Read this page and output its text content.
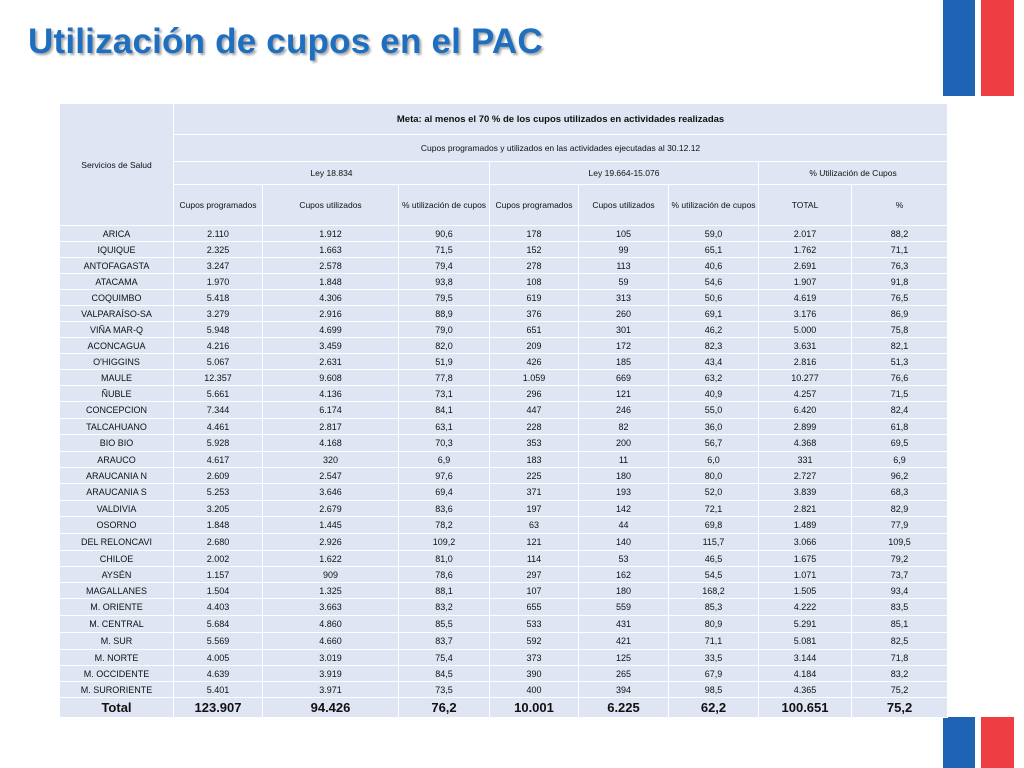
Utilización de cupos en el PAC
Servicios de Salud	Meta: al menos el 70 % de los cupos utilizados en actividades realizadas							
	Cupos programados y utilizados en las actividades ejecutadas al 30.12.12							
	Ley 18.834			Ley 19.664-15.076			% Utilización de Cupos	
	Cupos programados	Cupos utilizados	% utilización de cupos	Cupos programados	Cupos utilizados	% utilización de cupos	TOTAL	%
ARICA	2.110	1.912	90,6	178	105	59,0	2.017	88,2
IQUIQUE	2.325	1.663	71,5	152	99	65,1	1.762	71,1
ANTOFAGASTA	3.247	2.578	79,4	278	113	40,6	2.691	76,3
ATACAMA	1.970	1.848	93,8	108	59	54,6	1.907	91,8
COQUIMBO	5.418	4.306	79,5	619	313	50,6	4.619	76,5
VALPARAÍSO-SA	3.279	2.916	88,9	376	260	69,1	3.176	86,9
VIÑA MAR-Q	5.948	4.699	79,0	651	301	46,2	5.000	75,8
ACONCAGUA	4.216	3.459	82,0	209	172	82,3	3.631	82,1
O'HIGGINS	5.067	2.631	51,9	426	185	43,4	2.816	51,3
MAULE	12.357	9.608	77,8	1.059	669	63,2	10.277	76,6
ÑUBLE	5.661	4.136	73,1	296	121	40,9	4.257	71,5
CONCEPCION	7.344	6.174	84,1	447	246	55,0	6.420	82,4
TALCAHUANO	4.461	2.817	63,1	228	82	36,0	2.899	61,8
BIO BIO	5.928	4.168	70,3	353	200	56,7	4.368	69,5
ARAUCO	4.617	320	6,9	183	11	6,0	331	6,9
ARAUCANIA N	2.609	2.547	97,6	225	180	80,0	2.727	96,2
ARAUCANIA S	5.253	3.646	69,4	371	193	52,0	3.839	68,3
VALDIVIA	3.205	2.679	83,6	197	142	72,1	2.821	82,9
OSORNO	1.848	1.445	78,2	63	44	69,8	1.489	77,9
DEL RELONCAVI	2.680	2.926	109,2	121	140	115,7	3.066	109,5
CHILOE	2.002	1.622	81,0	114	53	46,5	1.675	79,2
AYSÉN	1.157	909	78,6	297	162	54,5	1.071	73,7
MAGALLANES	1.504	1.325	88,1	107	180	168,2	1.505	93,4
M. ORIENTE	4.403	3.663	83,2	655	559	85,3	4.222	83,5
M. CENTRAL	5.684	4.860	85,5	533	431	80,9	5.291	85,1
M. SUR	5.569	4.660	83,7	592	421	71,1	5.081	82,5
M. NORTE	4.005	3.019	75,4	373	125	33,5	3.144	71,8
M. OCCIDENTE	4.639	3.919	84,5	390	265	67,9	4.184	83,2
M. SURORIENTE	5.401	3.971	73,5	400	394	98,5	4.365	75,2
Total	123.907	94.426	76,2	10.001	6.225	62,2	100.651	75,2
